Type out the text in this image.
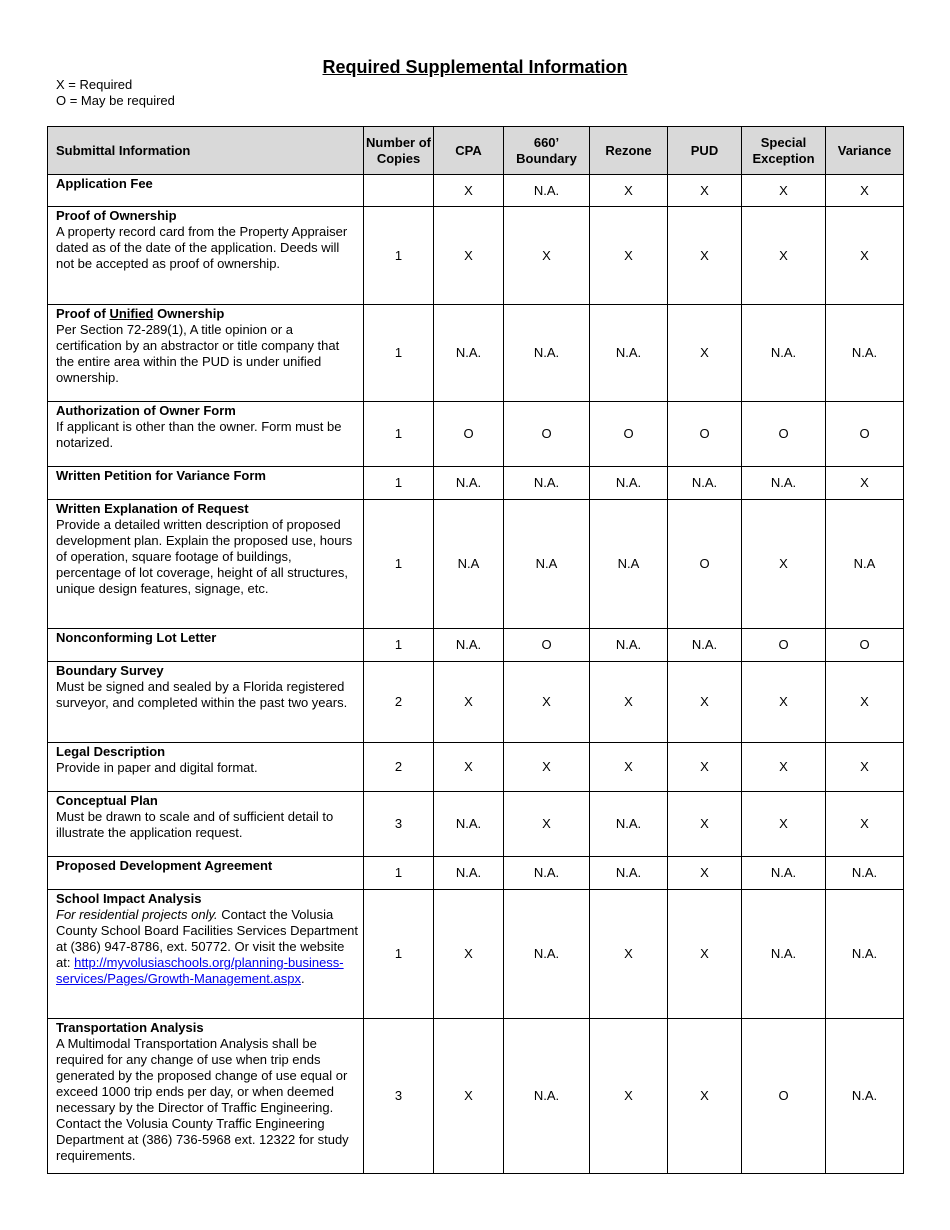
Required Supplemental Information
X = Required
O = May be required
Submittal Information	Number of Copies	CPA	660’ Boundary	Rezone	PUD	Special Exception	Variance

Application Fee		X	N.A.	X	X	X	X

Proof of Ownership
A property record card from the Property Appraiser dated as of the date of the application. Deeds will not be accepted as proof of ownership.	1	X	X	X	X	X	X

Proof of Unified Ownership
Per Section 72-289(1), A title opinion or a certification by an abstractor or title company that the entire area within the PUD is under unified ownership.	1	N.A.	N.A.	N.A.	X	N.A.	N.A.

Authorization of Owner Form
If applicant is other than the owner. Form must be notarized.	1	O	O	O	O	O	O

Written Petition for Variance Form	1	N.A.	N.A.	N.A.	N.A.	N.A.	X

Written Explanation of Request
Provide a detailed written description of proposed development plan. Explain the proposed use, hours of operation, square footage of buildings, percentage of lot coverage, height of all structures, unique design features, signage, etc.	1	N.A	N.A	N.A	O	X	N.A

Nonconforming Lot Letter	1	N.A.	O	N.A.	N.A.	O	O

Boundary Survey
Must be signed and sealed by a Florida registered surveyor, and completed within the past two years.	2	X	X	X	X	X	X

Legal Description
Provide in paper and digital format.	2	X	X	X	X	X	X

Conceptual Plan
Must be drawn to scale and of sufficient detail to illustrate the application request.	3	N.A.	X	N.A.	X	X	X

Proposed Development Agreement	1	N.A.	N.A.	N.A.	X	N.A.	N.A.

School Impact Analysis
For residential projects only. Contact the Volusia County School Board Facilities Services Department at (386) 947-8786, ext. 50772. Or visit the website at: http://myvolusiaschools.org/planning-business-services/Pages/Growth-Management.aspx.	1	X	N.A.	X	X	N.A.	N.A.

Transportation Analysis
A Multimodal Transportation Analysis shall be required for any change of use when trip ends generated by the proposed change of use equal or exceed 1000 trip ends per day, or when deemed necessary by the Director of Traffic Engineering. Contact the Volusia County Traffic Engineering Department at (386) 736-5968 ext. 12322 for study requirements.	3	X	N.A.	X	X	O	N.A.
